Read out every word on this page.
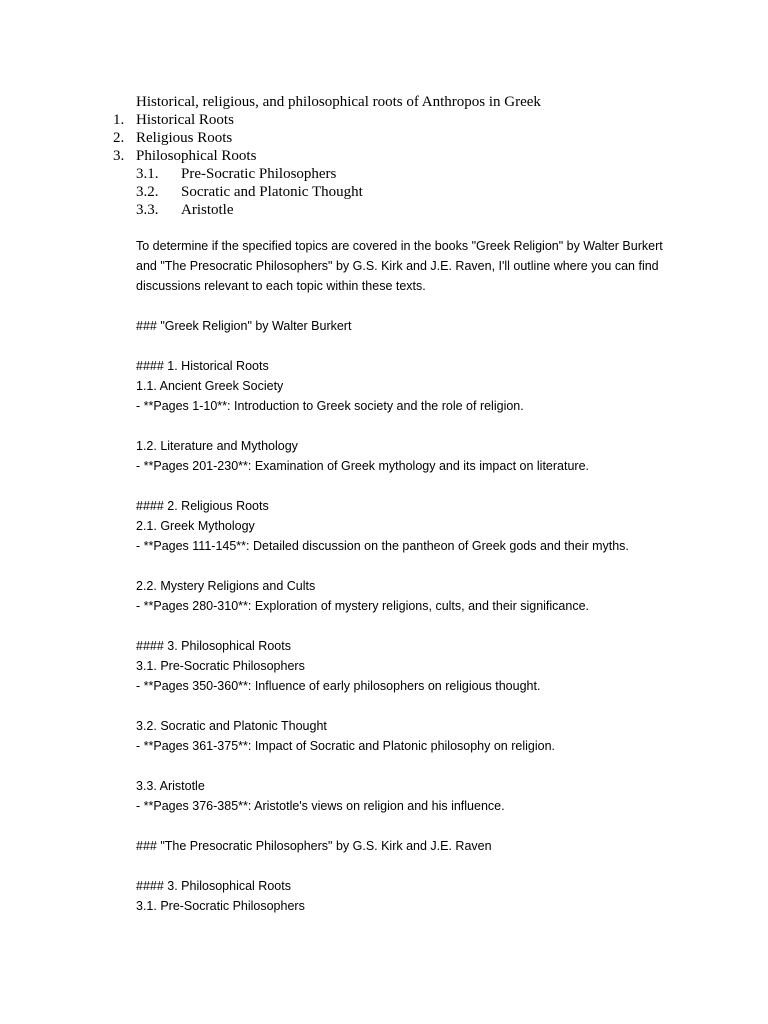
Historical, religious, and philosophical roots of Anthropos in Greek
1. Historical Roots
2. Religious Roots
3. Philosophical Roots
3.1. Pre-Socratic Philosophers
3.2. Socratic and Platonic Thought
3.3. Aristotle
To determine if the specified topics are covered in the books "Greek Religion" by Walter Burkert
and "The Presocratic Philosophers" by G.S. Kirk and J.E. Raven, I'll outline where you can find
discussions relevant to each topic within these texts.
### "Greek Religion" by Walter Burkert
#### 1. Historical Roots
1.1. Ancient Greek Society
- **Pages 1-10**: Introduction to Greek society and the role of religion.
1.2. Literature and Mythology
- **Pages 201-230**: Examination of Greek mythology and its impact on literature.
#### 2. Religious Roots
2.1. Greek Mythology
- **Pages 111-145**: Detailed discussion on the pantheon of Greek gods and their myths.
2.2. Mystery Religions and Cults
- **Pages 280-310**: Exploration of mystery religions, cults, and their significance.
#### 3. Philosophical Roots
3.1. Pre-Socratic Philosophers
- **Pages 350-360**: Influence of early philosophers on religious thought.
3.2. Socratic and Platonic Thought
- **Pages 361-375**: Impact of Socratic and Platonic philosophy on religion.
3.3. Aristotle
- **Pages 376-385**: Aristotle's views on religion and his influence.
### "The Presocratic Philosophers" by G.S. Kirk and J.E. Raven
#### 3. Philosophical Roots
3.1. Pre-Socratic Philosophers
